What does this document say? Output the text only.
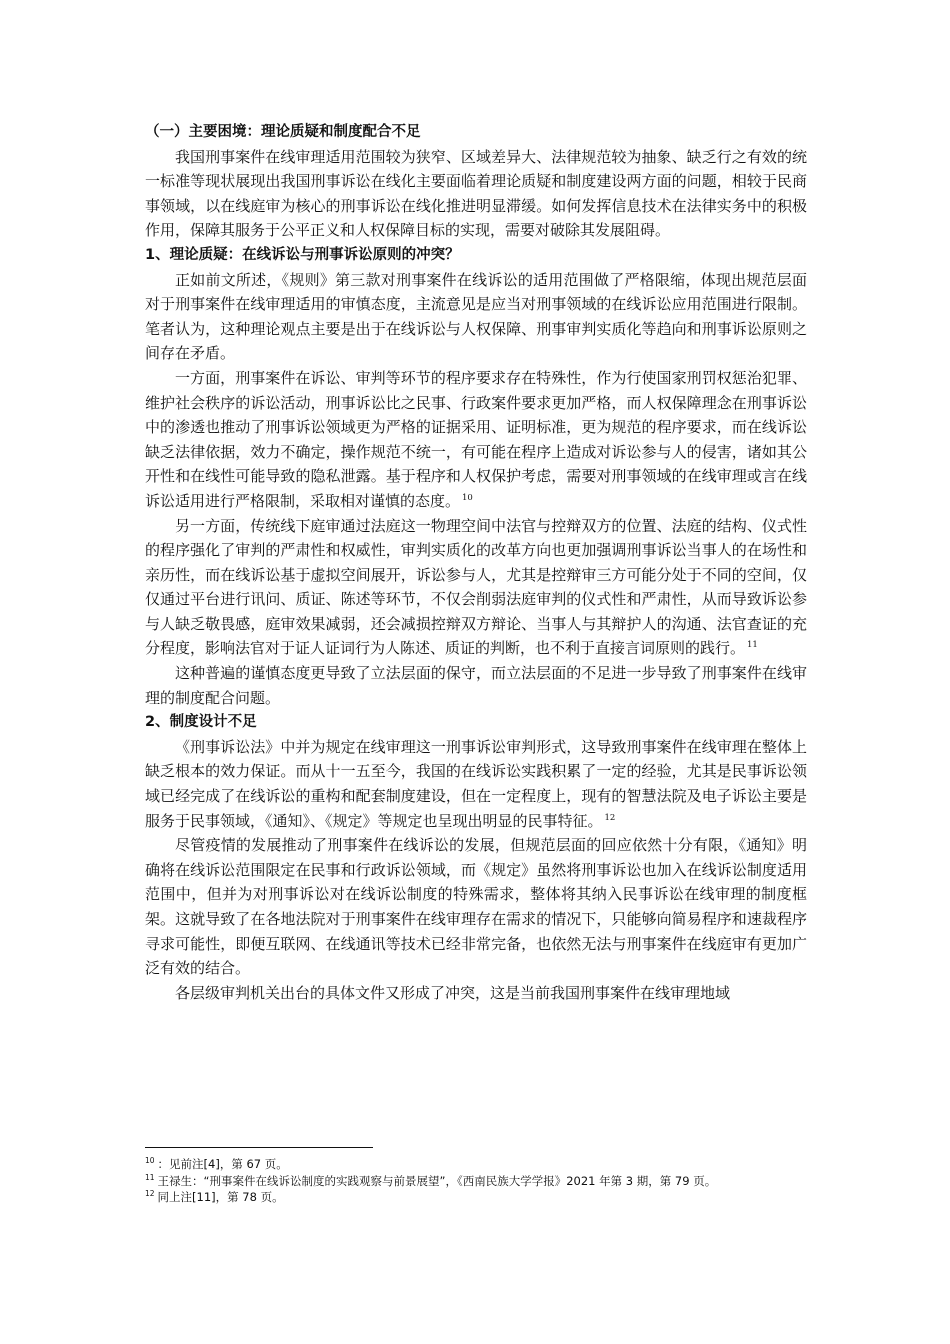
（一）主要困境：理论质疑和制度配合不足

我国刑事案件在线审理适用范围较为狭窄、区域差异大、法律规范较为抽象、缺乏行之有效的统一标准等现状展现出我国刑事诉讼在线化主要面临着理论质疑和制度建设两方面的问题，相较于民商事领域，以在线庭审为核心的刑事诉讼在线化推进明显滞缓。如何发挥信息技术在法律实务中的积极作用，保障其服务于公平正义和人权保障目标的实现，需要对破除其发展阻碍。

1、理论质疑：在线诉讼与刑事诉讼原则的冲突？

正如前文所述，《规则》第三款对刑事案件在线诉讼的适用范围做了严格限缩，体现出规范层面对于刑事案件在线审理适用的审慎态度，主流意见是应当对刑事领域的在线诉讼应用范围进行限制。笔者认为，这种理论观点主要是出于在线诉讼与人权保障、刑事审判实质化等趋向和刑事诉讼原则之间存在矛盾。

一方面，刑事案件在诉讼、审判等环节的程序要求存在特殊性，作为行使国家刑罚权惩治犯罪、维护社会秩序的诉讼活动，刑事诉讼比之民事、行政案件要求更加严格，而人权保障理念在刑事诉讼中的渗透也推动了刑事诉讼领域更为严格的证据采用、证明标准，更为规范的程序要求，而在线诉讼缺乏法律依据，效力不确定，操作规范不统一，有可能在程序上造成对诉讼参与人的侵害，诸如其公开性和在线性可能导致的隐私泄露。基于程序和人权保护考虑，需要对刑事领域的在线审理或言在线诉讼适用进行严格限制，采取相对谨慎的态度。 $^{10}$

另一方面，传统线下庭审通过法庭这一物理空间中法官与控辩双方的位置、法庭的结构、仪式性的程序强化了审判的严肃性和权威性，审判实质化的改革方向也更加强调刑事诉讼当事人的在场性和亲历性，而在线诉讼基于虚拟空间展开，诉讼参与人，尤其是控辩审三方可能分处于不同的空间，仅仅通过平台进行讯问、质证、陈述等环节，不仅会削弱法庭审判的仪式性和严肃性，从而导致诉讼参与人缺乏敬畏感，庭审效果减弱，还会减损控辩双方辩论、当事人与其辩护人的沟通、法官查证的充分程度，影响法官对于证人证词行为人陈述、质证的判断，也不利于直接言词原则的践行。 $^{11}$

这种普遍的谨慎态度更导致了立法层面的保守，而立法层面的不足进一步导致了刑事案件在线审理的制度配合问题。

2、制度设计不足

《刑事诉讼法》中并为规定在线审理这一刑事诉讼审判形式，这导致刑事案件在线审理在整体上缺乏根本的效力保证。而从十一五至今，我国的在线诉讼实践积累了一定的经验，尤其是民事诉讼领域已经完成了在线诉讼的重构和配套制度建设，但在一定程度上，现有的智慧法院及电子诉讼主要是服务于民事领域，《通知》、《规定》等规定也呈现出明显的民事特征。 $^{12}$

尽管疫情的发展推动了刑事案件在线诉讼的发展，但规范层面的回应依然十分有限，《通知》明确将在线诉讼范围限定在民事和行政诉讼领域，而《规定》虽然将刑事诉讼也加入在线诉讼制度适用范围中，但并为对刑事诉讼对在线诉讼制度的特殊需求，整体将其纳入民事诉讼在线审理的制度框架。这就导致了在各地法院对于刑事案件在线审理存在需求的情况下，只能够向简易程序和速裁程序寻求可能性，即便互联网、在线通讯等技术已经非常完备，也依然无法与刑事案件在线庭审有更加广泛有效的结合。

各层级审判机关出台的具体文件又形成了冲突，这是当前我国刑事案件在线审理地域

$^{10}$ ：见前注[4]，第 67 页。

$^{11}$ 王禄生：“刑事案件在线诉讼制度的实践观察与前景展望”，《西南民族大学学报》2021 年第 3 期，第 79 页。

$^{12}$ 同上注[11]，第 78 页。
